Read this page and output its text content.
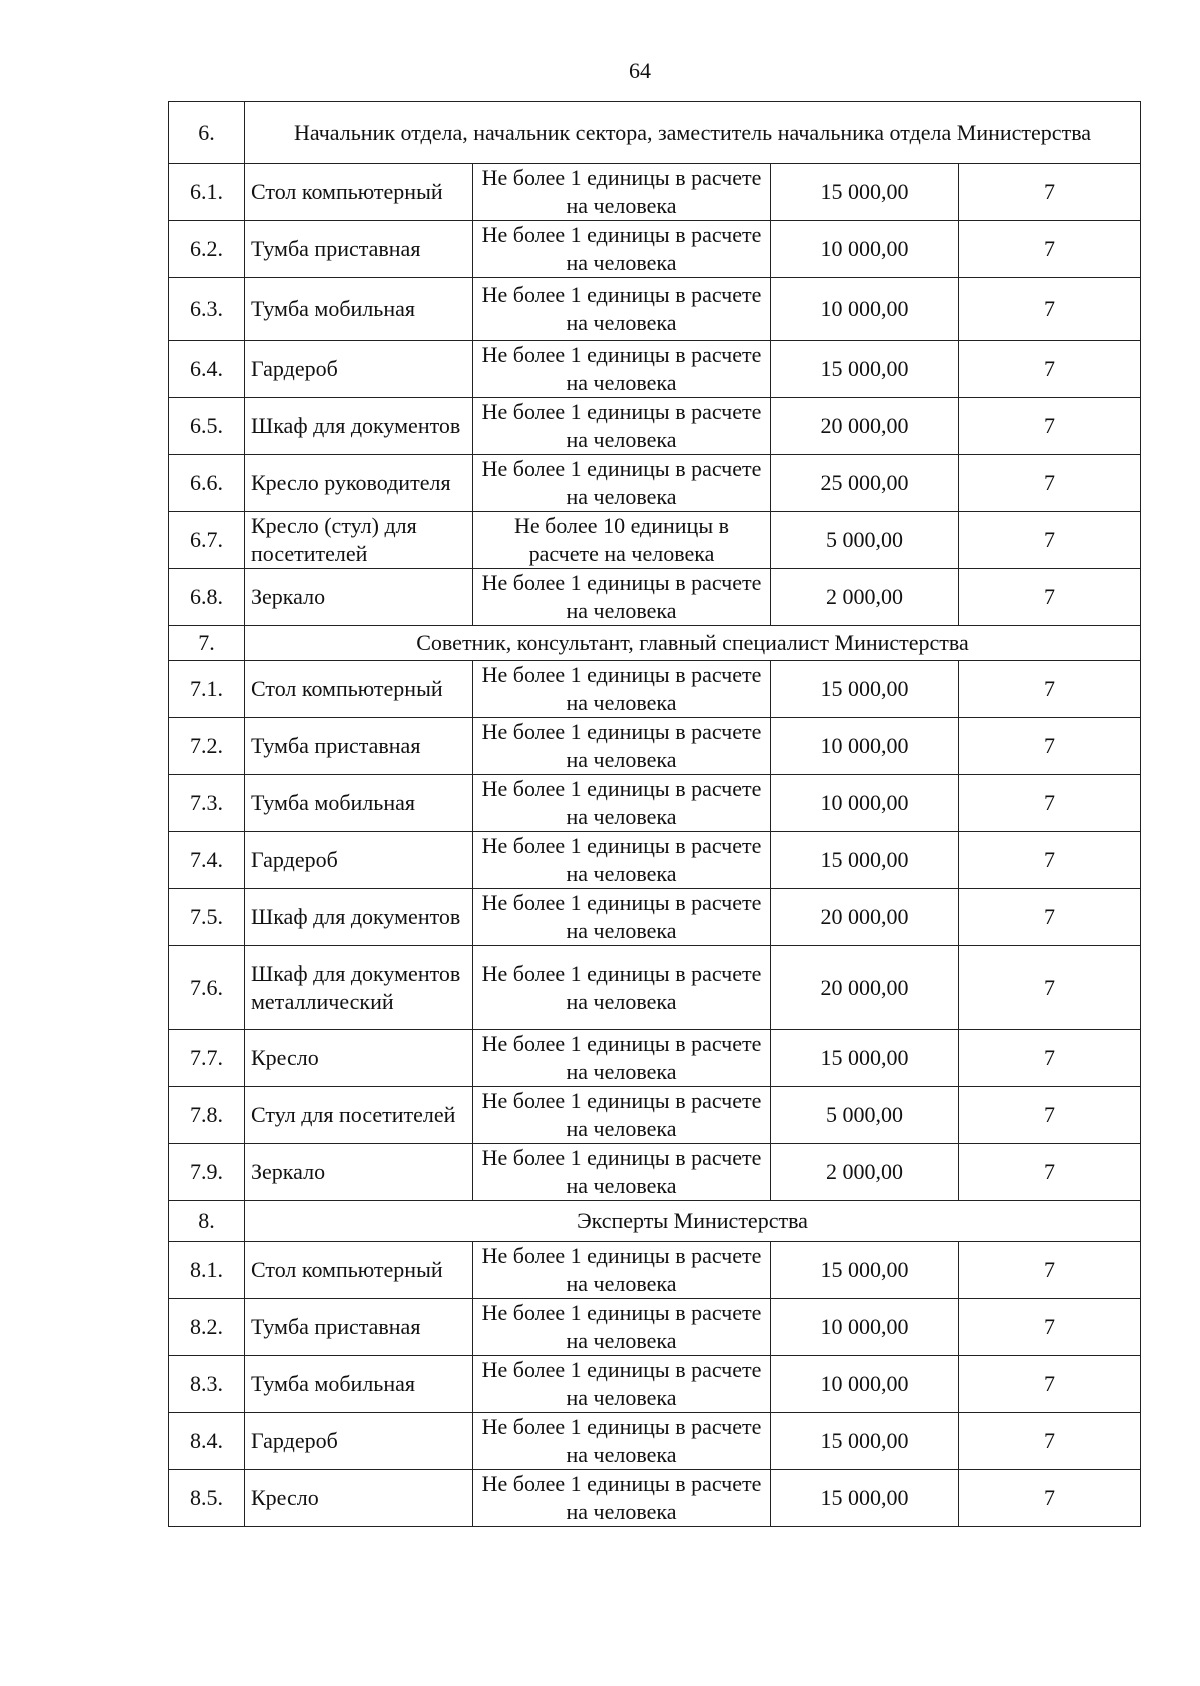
64
6.	Начальник отдела, начальник сектора, заместитель начальника отдела Министерства			
6.1.	Стол компьютерный	Не более 1 единицы в расчете на человека	15 000,00	7
6.2.	Тумба приставная	Не более 1 единицы в расчете на человека	10 000,00	7
6.3.	Тумба мобильная	Не более 1 единицы в расчете на человека	10 000,00	7
6.4.	Гардероб	Не более 1 единицы в расчете на человека	15 000,00	7
6.5.	Шкаф для документов	Не более 1 единицы в расчете на человека	20 000,00	7
6.6.	Кресло руководителя	Не более 1 единицы в расчете на человека	25 000,00	7
6.7.	Кресло (стул) для посетителей	Не более 10 единицы в расчете на человека	5 000,00	7
6.8.	Зеркало	Не более 1 единицы в расчете на человека	2 000,00	7
7.	Советник, консультант, главный специалист Министерства			
7.1.	Стол компьютерный	Не более 1 единицы в расчете на человека	15 000,00	7
7.2.	Тумба приставная	Не более 1 единицы в расчете на человека	10 000,00	7
7.3.	Тумба мобильная	Не более 1 единицы в расчете на человека	10 000,00	7
7.4.	Гардероб	Не более 1 единицы в расчете на человека	15 000,00	7
7.5.	Шкаф для документов	Не более 1 единицы в расчете на человека	20 000,00	7
7.6.	Шкаф для документов металлический	Не более 1 единицы в расчете на человека	20 000,00	7
7.7.	Кресло	Не более 1 единицы в расчете на человека	15 000,00	7
7.8.	Стул для посетителей	Не более 1 единицы в расчете на человека	5 000,00	7
7.9.	Зеркало	Не более 1 единицы в расчете на человека	2 000,00	7
8.	Эксперты Министерства			
8.1.	Стол компьютерный	Не более 1 единицы в расчете на человека	15 000,00	7
8.2.	Тумба приставная	Не более 1 единицы в расчете на человека	10 000,00	7
8.3.	Тумба мобильная	Не более 1 единицы в расчете на человека	10 000,00	7
8.4.	Гардероб	Не более 1 единицы в расчете на человека	15 000,00	7
8.5.	Кресло	Не более 1 единицы в расчете на человека	15 000,00	7
